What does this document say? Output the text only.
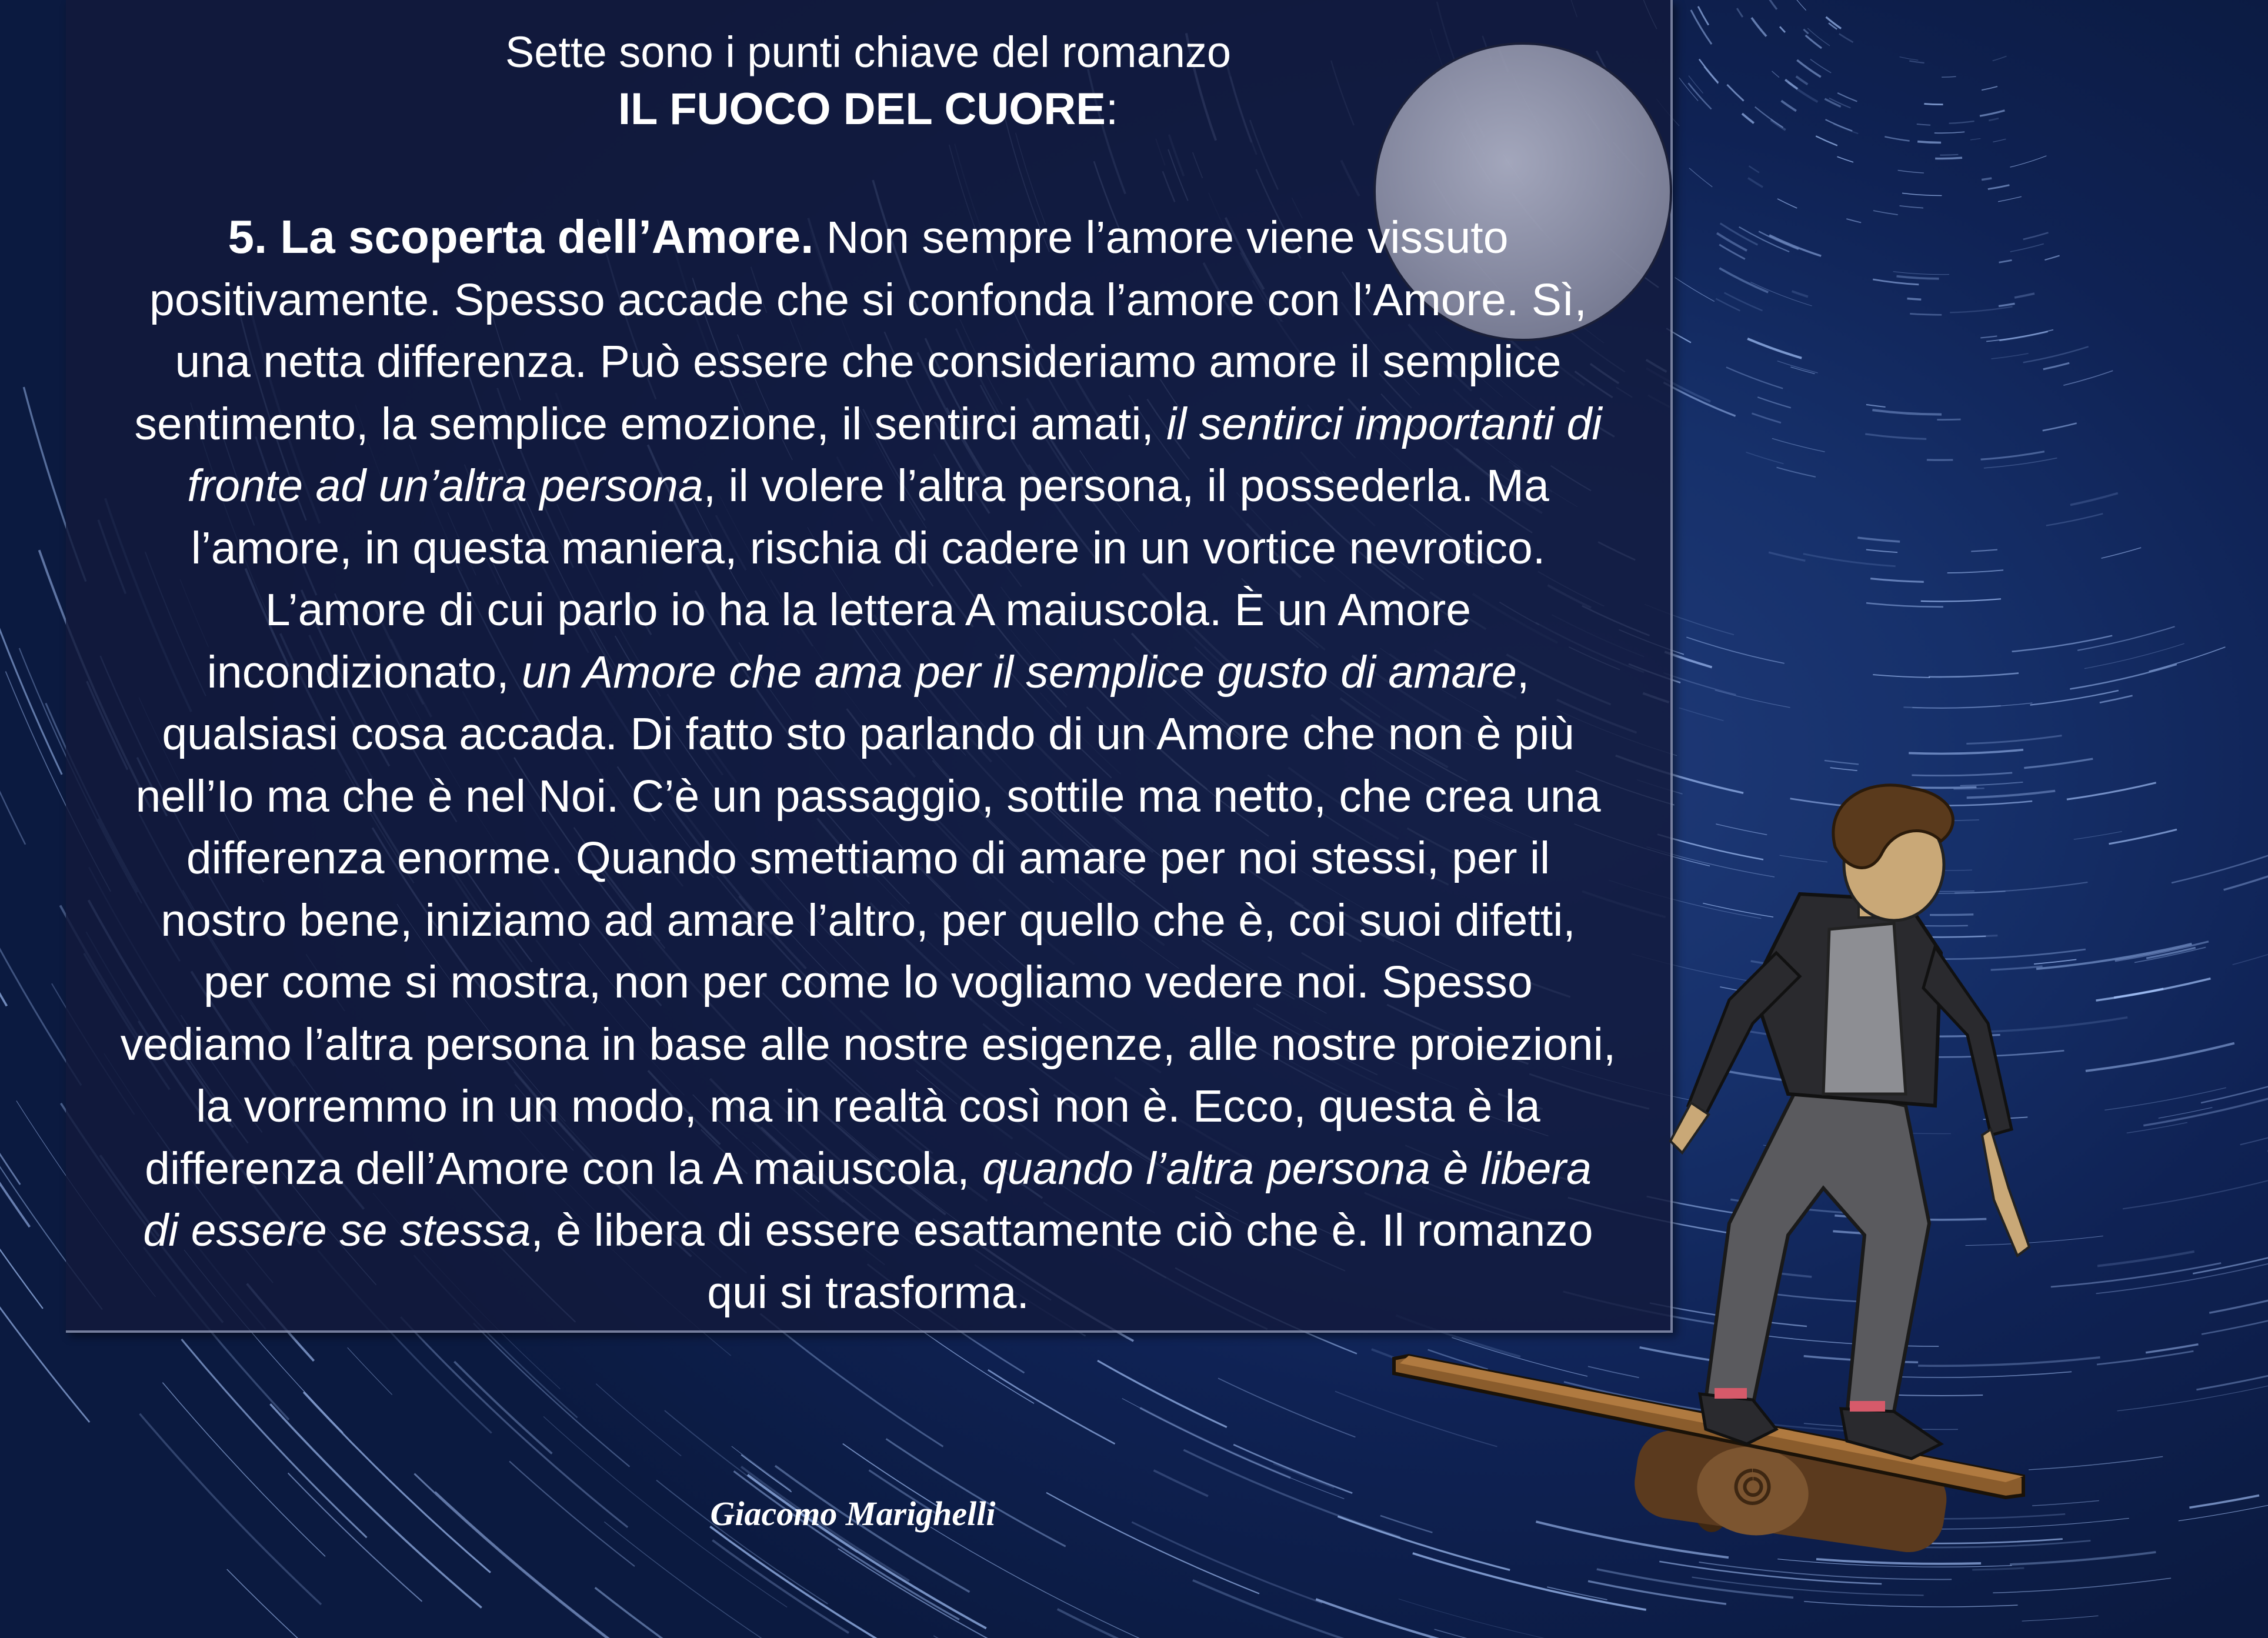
Sette sono i punti chiave del romanzo
IL FUOCO DEL CUORE:
5. La scoperta dell’Amore. Non sempre l’amore viene vissuto
positivamente. Spesso accade che si confonda l’amore con l’Amore. Sì,
una netta differenza. Può essere che consideriamo amore il semplice
sentimento, la semplice emozione, il sentirci amati, il sentirci importanti di
fronte ad un’altra persona, il volere l’altra persona, il possederla. Ma
l’amore, in questa maniera, rischia di cadere in un vortice nevrotico.
L’amore di cui parlo io ha la lettera A maiuscola. È un Amore
incondizionato, un Amore che ama per il semplice gusto di amare,
qualsiasi cosa accada. Di fatto sto parlando di un Amore che non è più
nell’Io ma che è nel Noi. C’è un passaggio, sottile ma netto, che crea una
differenza enorme. Quando smettiamo di amare per noi stessi, per il
nostro bene, iniziamo ad amare l’altro, per quello che è, coi suoi difetti,
per come si mostra, non per come lo vogliamo vedere noi. Spesso
vediamo l’altra persona in base alle nostre esigenze, alle nostre proiezioni,
la vorremmo in un modo, ma in realtà così non è. Ecco, questa è la
differenza dell’Amore con la A maiuscola, quando l’altra persona è libera
di essere se stessa, è libera di essere esattamente ciò che è. Il romanzo
qui si trasforma.
Giacomo Marighelli
